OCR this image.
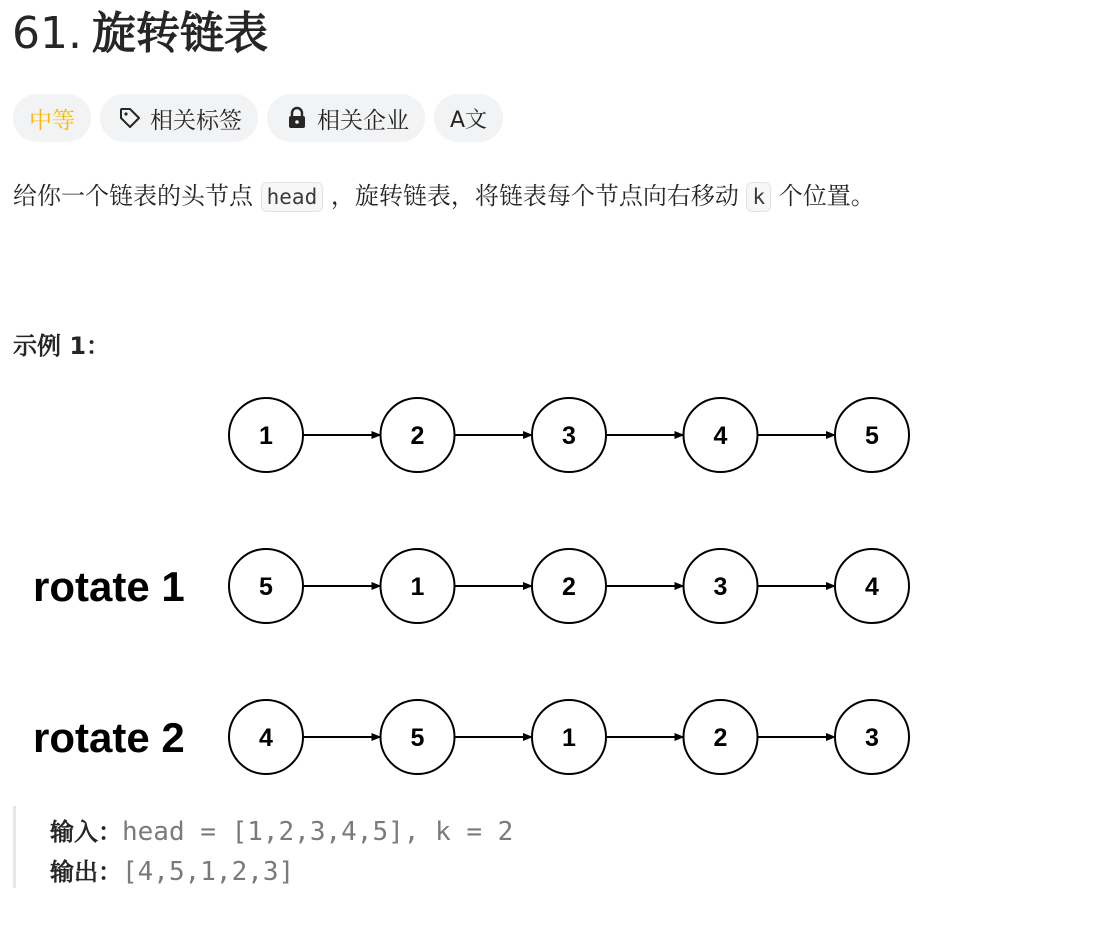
61. 旋转链表
中等	相关标签	相关企业 A文
给你一个链表的头节点 head ，旋转链表，将链表每个节点向右移动 k 个位置。
示例 1：
1	2	3	4	5
rotate 1	5	1	2	3	4
rotate 2	4	5	1	2	3
输入：head = [1,2,3,4,5], k = 2
输出：[4,5,1,2,3]
